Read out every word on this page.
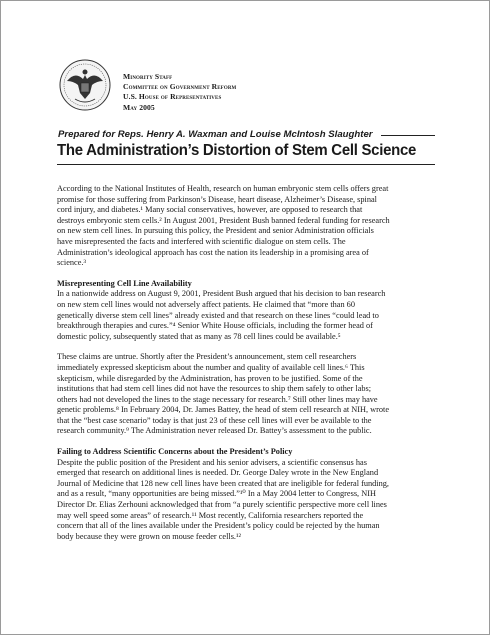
Minority Staff
Committee on Government Reform
U.S. House of Representatives
May 2005
Prepared for Reps. Henry A. Waxman and Louise McIntosh Slaughter
The Administration’s Distortion of Stem Cell Science

According to the National Institutes of Health, research on human embryonic stem cells offers great
promise for those suffering from Parkinson’s Disease, heart disease, Alzheimer’s Disease, spinal
cord injury, and diabetes.¹ Many social conservatives, however, are opposed to research that
destroys embryonic stem cells.² In August 2001, President Bush banned federal funding for research
on new stem cell lines. In pursuing this policy, the President and senior Administration officials
have misrepresented the facts and interfered with scientific dialogue on stem cells. The
Administration’s ideological approach has cost the nation its leadership in a promising area of
science.³

Misrepresenting Cell Line Availability

In a nationwide address on August 9, 2001, President Bush argued that his decision to ban research
on new stem cell lines would not adversely affect patients. He claimed that “more than 60
genetically diverse stem cell lines” already existed and that research on these lines “could lead to
breakthrough therapies and cures.”⁴ Senior White House officials, including the former head of
domestic policy, subsequently stated that as many as 78 cell lines could be available.⁵

These claims are untrue. Shortly after the President’s announcement, stem cell researchers
immediately expressed skepticism about the number and quality of available cell lines.⁶ This
skepticism, while disregarded by the Administration, has proven to be justified. Some of the
institutions that had stem cell lines did not have the resources to ship them safely to other labs;
others had not developed the lines to the stage necessary for research.⁷ Still other lines may have
genetic problems.⁸ In February 2004, Dr. James Battey, the head of stem cell research at NIH, wrote
that the “best case scenario” today is that just 23 of these cell lines will ever be available to the
research community.⁹ The Administration never released Dr. Battey’s assessment to the public.

Failing to Address Scientific Concerns about the President’s Policy

Despite the public position of the President and his senior advisers, a scientific consensus has
emerged that research on additional lines is needed. Dr. George Daley wrote in the New England
Journal of Medicine that 128 new cell lines have been created that are ineligible for federal funding,
and as a result, “many opportunities are being missed.”¹⁰ In a May 2004 letter to Congress, NIH
Director Dr. Elias Zerhouni acknowledged that from “a purely scientific perspective more cell lines
may well speed some areas” of research.¹¹ Most recently, California researchers reported the
concern that all of the lines available under the President’s policy could be rejected by the human
body because they were grown on mouse feeder cells.¹²
